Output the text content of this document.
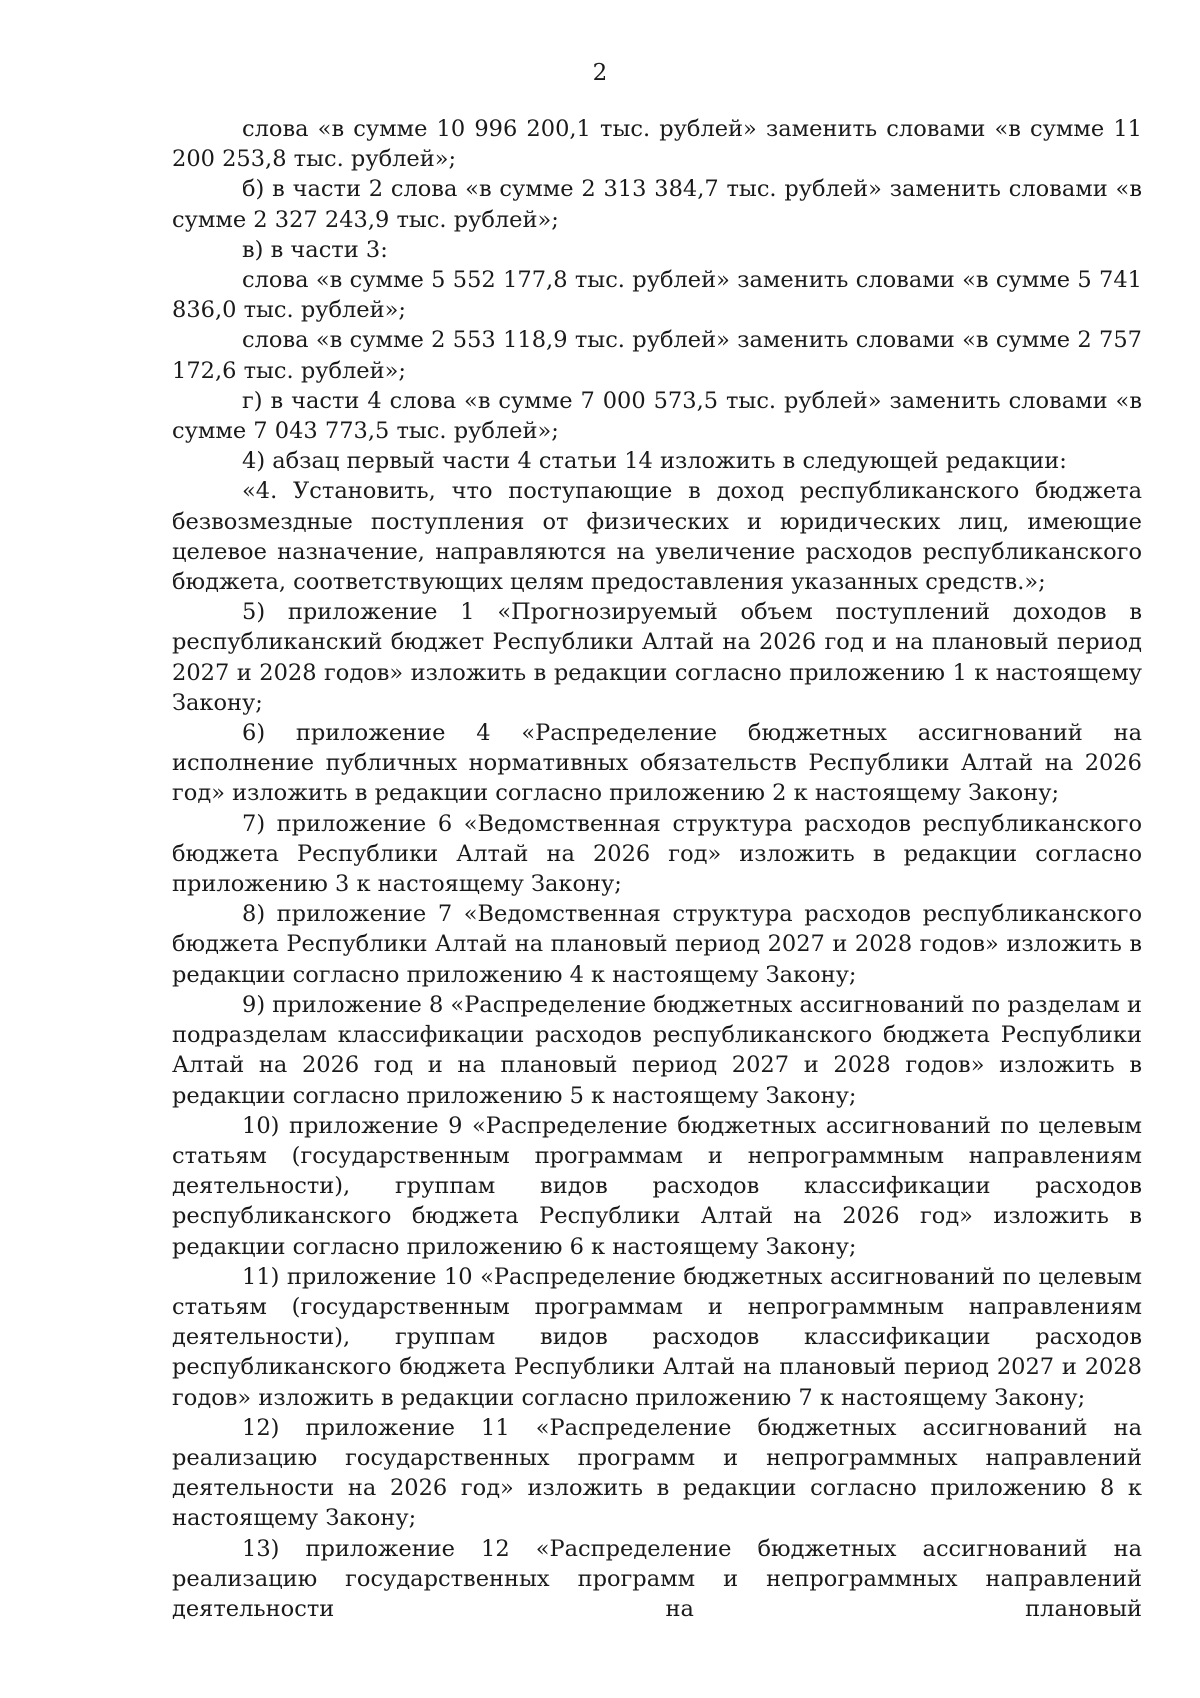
2

слова «в сумме 10 996 200,1 тыс. рублей» заменить словами «в сумме 11 200 253,8 тыс. рублей»;

б) в части 2 слова «в сумме 2 313 384,7 тыс. рублей» заменить словами «в сумме 2 327 243,9 тыс. рублей»;

в) в части 3:

слова «в сумме 5 552 177,8 тыс. рублей» заменить словами «в сумме 5 741 836,0 тыс. рублей»;

слова «в сумме 2 553 118,9 тыс. рублей» заменить словами «в сумме 2 757 172,6 тыс. рублей»;

г) в части 4 слова «в сумме 7 000 573,5 тыс. рублей» заменить словами «в сумме 7 043 773,5 тыс. рублей»;

4) абзац первый части 4 статьи 14 изложить в следующей редакции:

«4. Установить, что поступающие в доход республиканского бюджета безвозмездные поступления от физических и юридических лиц, имеющие целевое назначение, направляются на увеличение расходов республиканского бюджета, соответствующих целям предоставления указанных средств.»;

5) приложение 1 «Прогнозируемый объем поступлений доходов в республиканский бюджет Республики Алтай на 2026 год и на плановый период 2027 и 2028 годов» изложить в редакции согласно приложению 1 к настоящему Закону;

6) приложение 4 «Распределение бюджетных ассигнований на исполнение публичных нормативных обязательств Республики Алтай на 2026 год» изложить в редакции согласно приложению 2 к настоящему Закону;

7) приложение 6 «Ведомственная структура расходов республиканского бюджета Республики Алтай на 2026 год» изложить в редакции согласно приложению 3 к настоящему Закону;

8) приложение 7 «Ведомственная структура расходов республиканского бюджета Республики Алтай на плановый период 2027 и 2028 годов» изложить в редакции согласно приложению 4 к настоящему Закону;

9) приложение 8 «Распределение бюджетных ассигнований по разделам и подразделам классификации расходов республиканского бюджета Республики Алтай на 2026 год и на плановый период 2027 и 2028 годов» изложить в редакции согласно приложению 5 к настоящему Закону;

10) приложение 9 «Распределение бюджетных ассигнований по целевым статьям (государственным программам и непрограммным направлениям деятельности), группам видов расходов классификации расходов республиканского бюджета Республики Алтай на 2026 год» изложить в редакции согласно приложению 6 к настоящему Закону;

11) приложение 10 «Распределение бюджетных ассигнований по целевым статьям (государственным программам и непрограммным направлениям деятельности), группам видов расходов классификации расходов республиканского бюджета Республики Алтай на плановый период 2027 и 2028 годов» изложить в редакции согласно приложению 7 к настоящему Закону;

12) приложение 11 «Распределение бюджетных ассигнований на реализацию государственных программ и непрограммных направлений деятельности на 2026 год» изложить в редакции согласно приложению 8 к настоящему Закону;

13) приложение 12 «Распределение бюджетных ассигнований на реализацию государственных программ и непрограммных направлений деятельности на плановый
